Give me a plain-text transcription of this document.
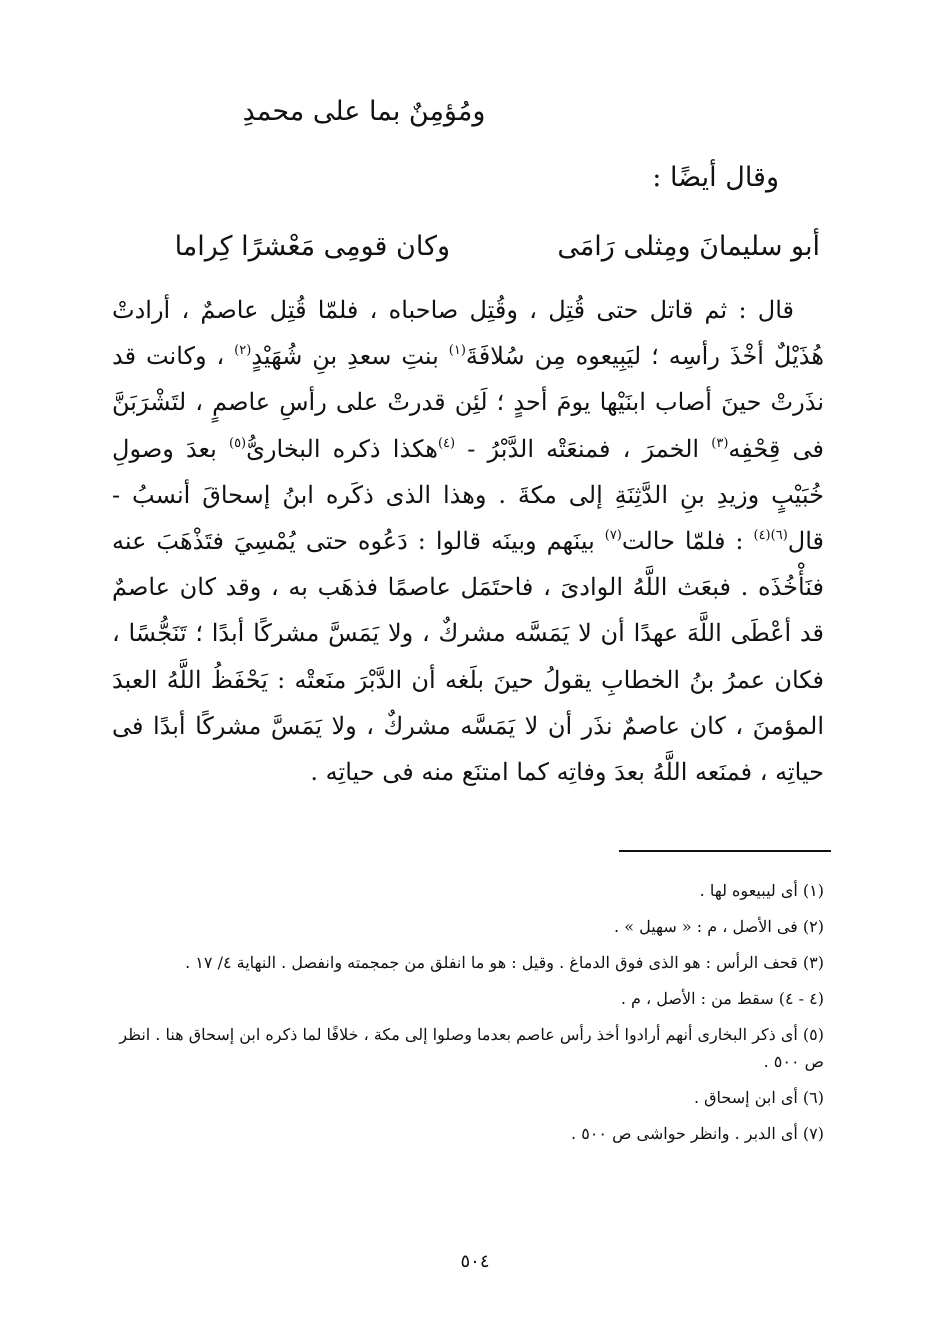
ومُؤمِنٌ بما على محمدِ
وقال أيضًا :
أبو سليمانَ ومِثلى رَامَى
وكان قومِى مَعْشرًا كِراما

قال : ثم قاتل حتى قُتِل ، وقُتِل صاحباه ، فلمّا قُتِل عاصمٌ ، أرادتْ هُذَيْلٌ أخْذَ رأسِه ؛ ليَبِيعوه مِن سُلافَةَ$^{(١)}$ بنتِ سعدِ بنِ شُهَيْدٍ$^{(٢)}$ ، وكانت قد نذَرتْ حينَ أصاب ابنَيْها يومَ أحدٍ ؛ لَئِن قدرتْ على رأسِ عاصمٍ ، لتَشْرَبَنَّ فى قِحْفِه$^{(٣)}$ الخمرَ ، فمنعَتْه الدَّبْرُ - $^{(٤)}$هكذا ذكره البخارىُّ$^{(٥)}$ بعدَ وصولِ خُبَيْبٍ وزيدِ بنِ الدَّثِنَةِ إلى مكةَ . وهذا الذى ذكَره ابنُ إسحاقَ أنسبُ - قال$^{(٦)(٤)}$ : فلمّا حالت$^{(٧)}$ بينَهم وبينَه قالوا : دَعُوه حتى يُمْسِيَ فتَذْهَبَ عنه فنَأْخُذَه . فبعَث اللَّهُ الوادىَ ، فاحتَمَل عاصمًا فذهَب به ، وقد كان عاصمٌ قد أعْطَى اللَّهَ عهدًا أن لا يَمَسَّه مشركٌ ، ولا يَمَسَّ مشركًا أبدًا ؛ تَنَجُّسًا ، فكان عمرُ بنُ الخطابِ يقولُ حينَ بلَغه أن الدَّبْرَ منَعتْه : يَحْفَظُ اللَّهُ العبدَ المؤمنَ ، كان عاصمٌ نذَر أن لا يَمَسَّه مشركٌ ، ولا يَمَسَّ مشركًا أبدًا فى حياتِه ، فمنَعه اللَّهُ بعدَ وفاتِه كما امتنَع منه فى حياتِه .

(١) أى ليبيعوه لها .

(٢) فى الأصل ، م : « سهيل » .

(٣) قحف الرأس : هو الذى فوق الدماغ . وقيل : هو ما انفلق من جمجمته وانفصل . النهاية ٤/ ١٧ .

(٤ - ٤) سقط من : الأصل ، م .

(٥) أى ذكر البخارى أنهم أرادوا أخذ رأس عاصم بعدما وصلوا إلى مكة ، خلافًا لما ذكره ابن إسحاق هنا . انظر ص ٥٠٠ .

(٦) أى ابن إسحاق .

(٧) أى الدبر . وانظر حواشى ص ٥٠٠ .

٥٠٤
